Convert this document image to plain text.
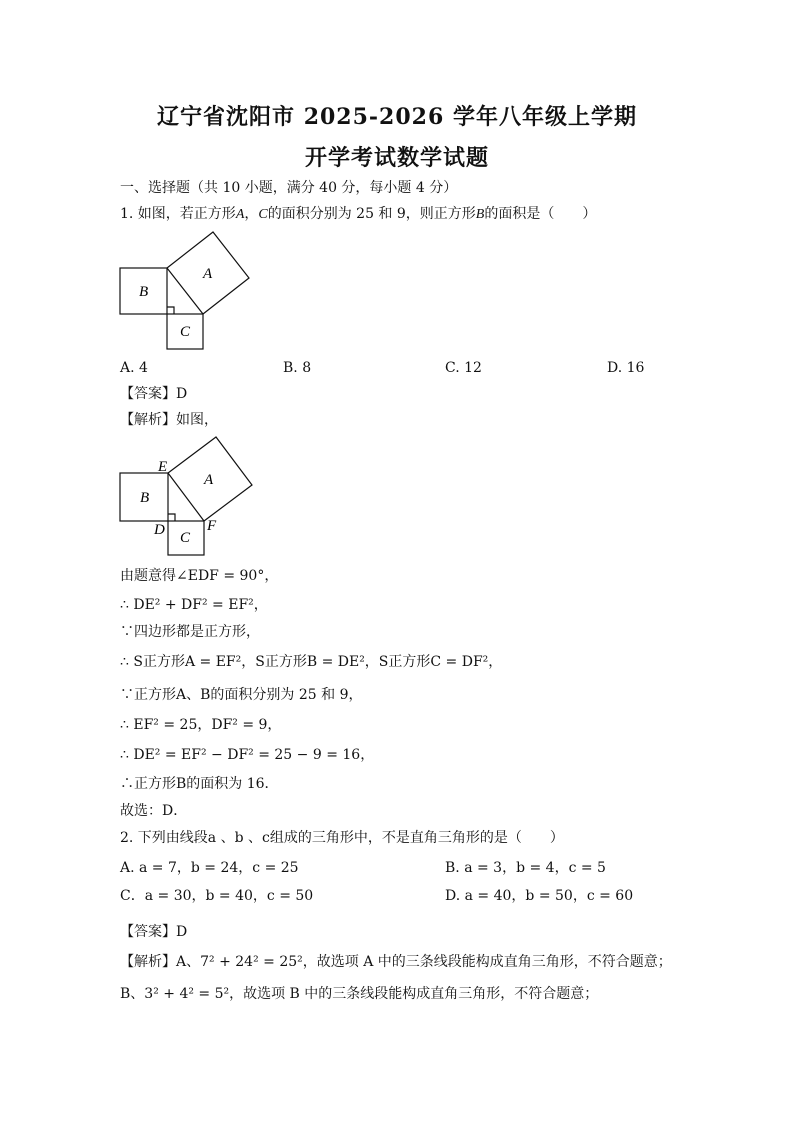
辽宁省沈阳市 2025-2026 学年八年级上学期
开学考试数学试题
一、选择题（共 10 小题，满分 40 分，每小题 4 分）
1. 如图，若正方形A，C的面积分别为 25 和 9，则正方形B的面积是（　　）
A
B
C
A. 4	B. 8	C. 12	D. 16
【答案】D
【解析】如图，
A
B
C
D
E
F
由题意得∠EDF = 90°，
∴ DE² + DF² = EF²，
∵四边形都是正方形，
∴ S正方形A = EF²，S正方形B = DE²，S正方形C = DF²，
∵正方形A、B的面积分别为 25 和 9，
∴ EF² = 25，DF² = 9，
∴ DE² = EF² − DF² = 25 − 9 = 16，
∴正方形B的面积为 16．
故选：D．
2. 下列由线段a 、b 、c组成的三角形中，不是直角三角形的是（　　）
A. a = 7，b = 24，c = 25	B. a = 3，b = 4，c = 5
C．a = 30，b = 40，c = 50	D. a = 40，b = 50，c = 60
【答案】D
【解析】A、7² + 24² = 25²，故选项 A 中的三条线段能构成直角三角形，不符合题意；
B、3² + 4² = 5²，故选项 B 中的三条线段能构成直角三角形，不符合题意；
